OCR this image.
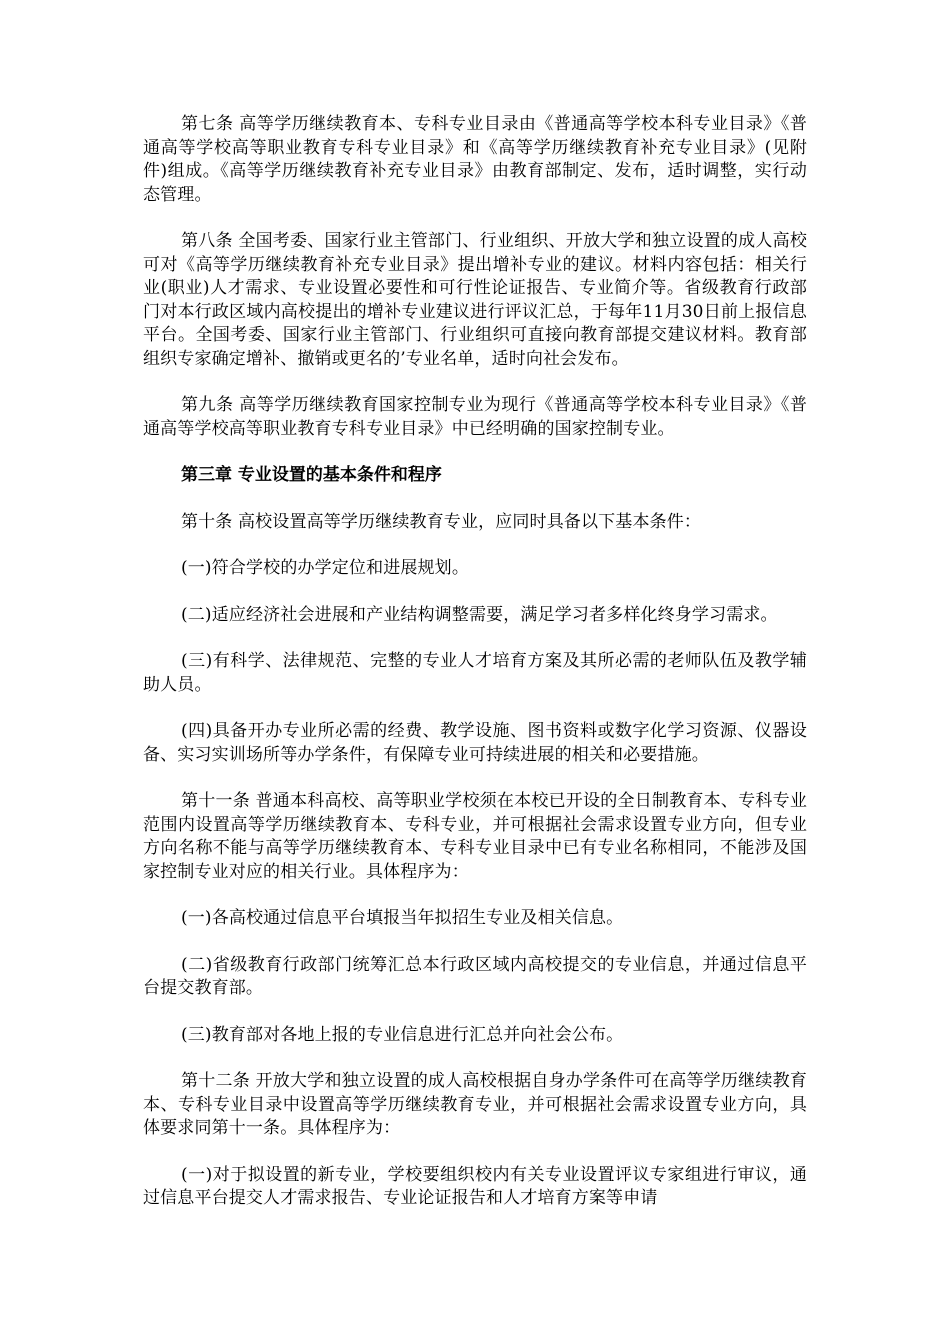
第七条 高等学历继续教育本、专科专业目录由《普通高等学校本科专业目录》《普通高等学校高等职业教育专科专业目录》和《高等学历继续教育补充专业目录》(见附件)组成。《高等学历继续教育补充专业目录》由教育部制定、发布，适时调整，实行动态管理。

第八条 全国考委、国家行业主管部门、行业组织、开放大学和独立设置的成人高校可对《高等学历继续教育补充专业目录》提出增补专业的建议。材料内容包括：相关行业(职业)人才需求、专业设置必要性和可行性论证报告、专业简介等。省级教育行政部门对本行政区域内高校提出的增补专业建议进行评议汇总，于每年11月30日前上报信息平台。全国考委、国家行业主管部门、行业组织可直接向教育部提交建议材料。教育部组织专家确定增补、撤销或更名的’专业名单，适时向社会发布。

第九条 高等学历继续教育国家控制专业为现行《普通高等学校本科专业目录》《普通高等学校高等职业教育专科专业目录》中已经明确的国家控制专业。

第三章 专业设置的基本条件和程序

第十条 高校设置高等学历继续教育专业，应同时具备以下基本条件：

(一)符合学校的办学定位和进展规划。

(二)适应经济社会进展和产业结构调整需要，满足学习者多样化终身学习需求。

(三)有科学、法律规范、完整的专业人才培育方案及其所必需的老师队伍及教学辅助人员。

(四)具备开办专业所必需的经费、教学设施、图书资料或数字化学习资源、仪器设备、实习实训场所等办学条件，有保障专业可持续进展的相关和必要措施。

第十一条 普通本科高校、高等职业学校须在本校已开设的全日制教育本、专科专业范围内设置高等学历继续教育本、专科专业，并可根据社会需求设置专业方向，但专业方向名称不能与高等学历继续教育本、专科专业目录中已有专业名称相同，不能涉及国家控制专业对应的相关行业。具体程序为：

(一)各高校通过信息平台填报当年拟招生专业及相关信息。

(二)省级教育行政部门统筹汇总本行政区域内高校提交的专业信息，并通过信息平台提交教育部。

(三)教育部对各地上报的专业信息进行汇总并向社会公布。

第十二条 开放大学和独立设置的成人高校根据自身办学条件可在高等学历继续教育本、专科专业目录中设置高等学历继续教育专业，并可根据社会需求设置专业方向，具体要求同第十一条。具体程序为：

(一)对于拟设置的新专业，学校要组织校内有关专业设置评议专家组进行审议，通过信息平台提交人才需求报告、专业论证报告和人才培育方案等申请
